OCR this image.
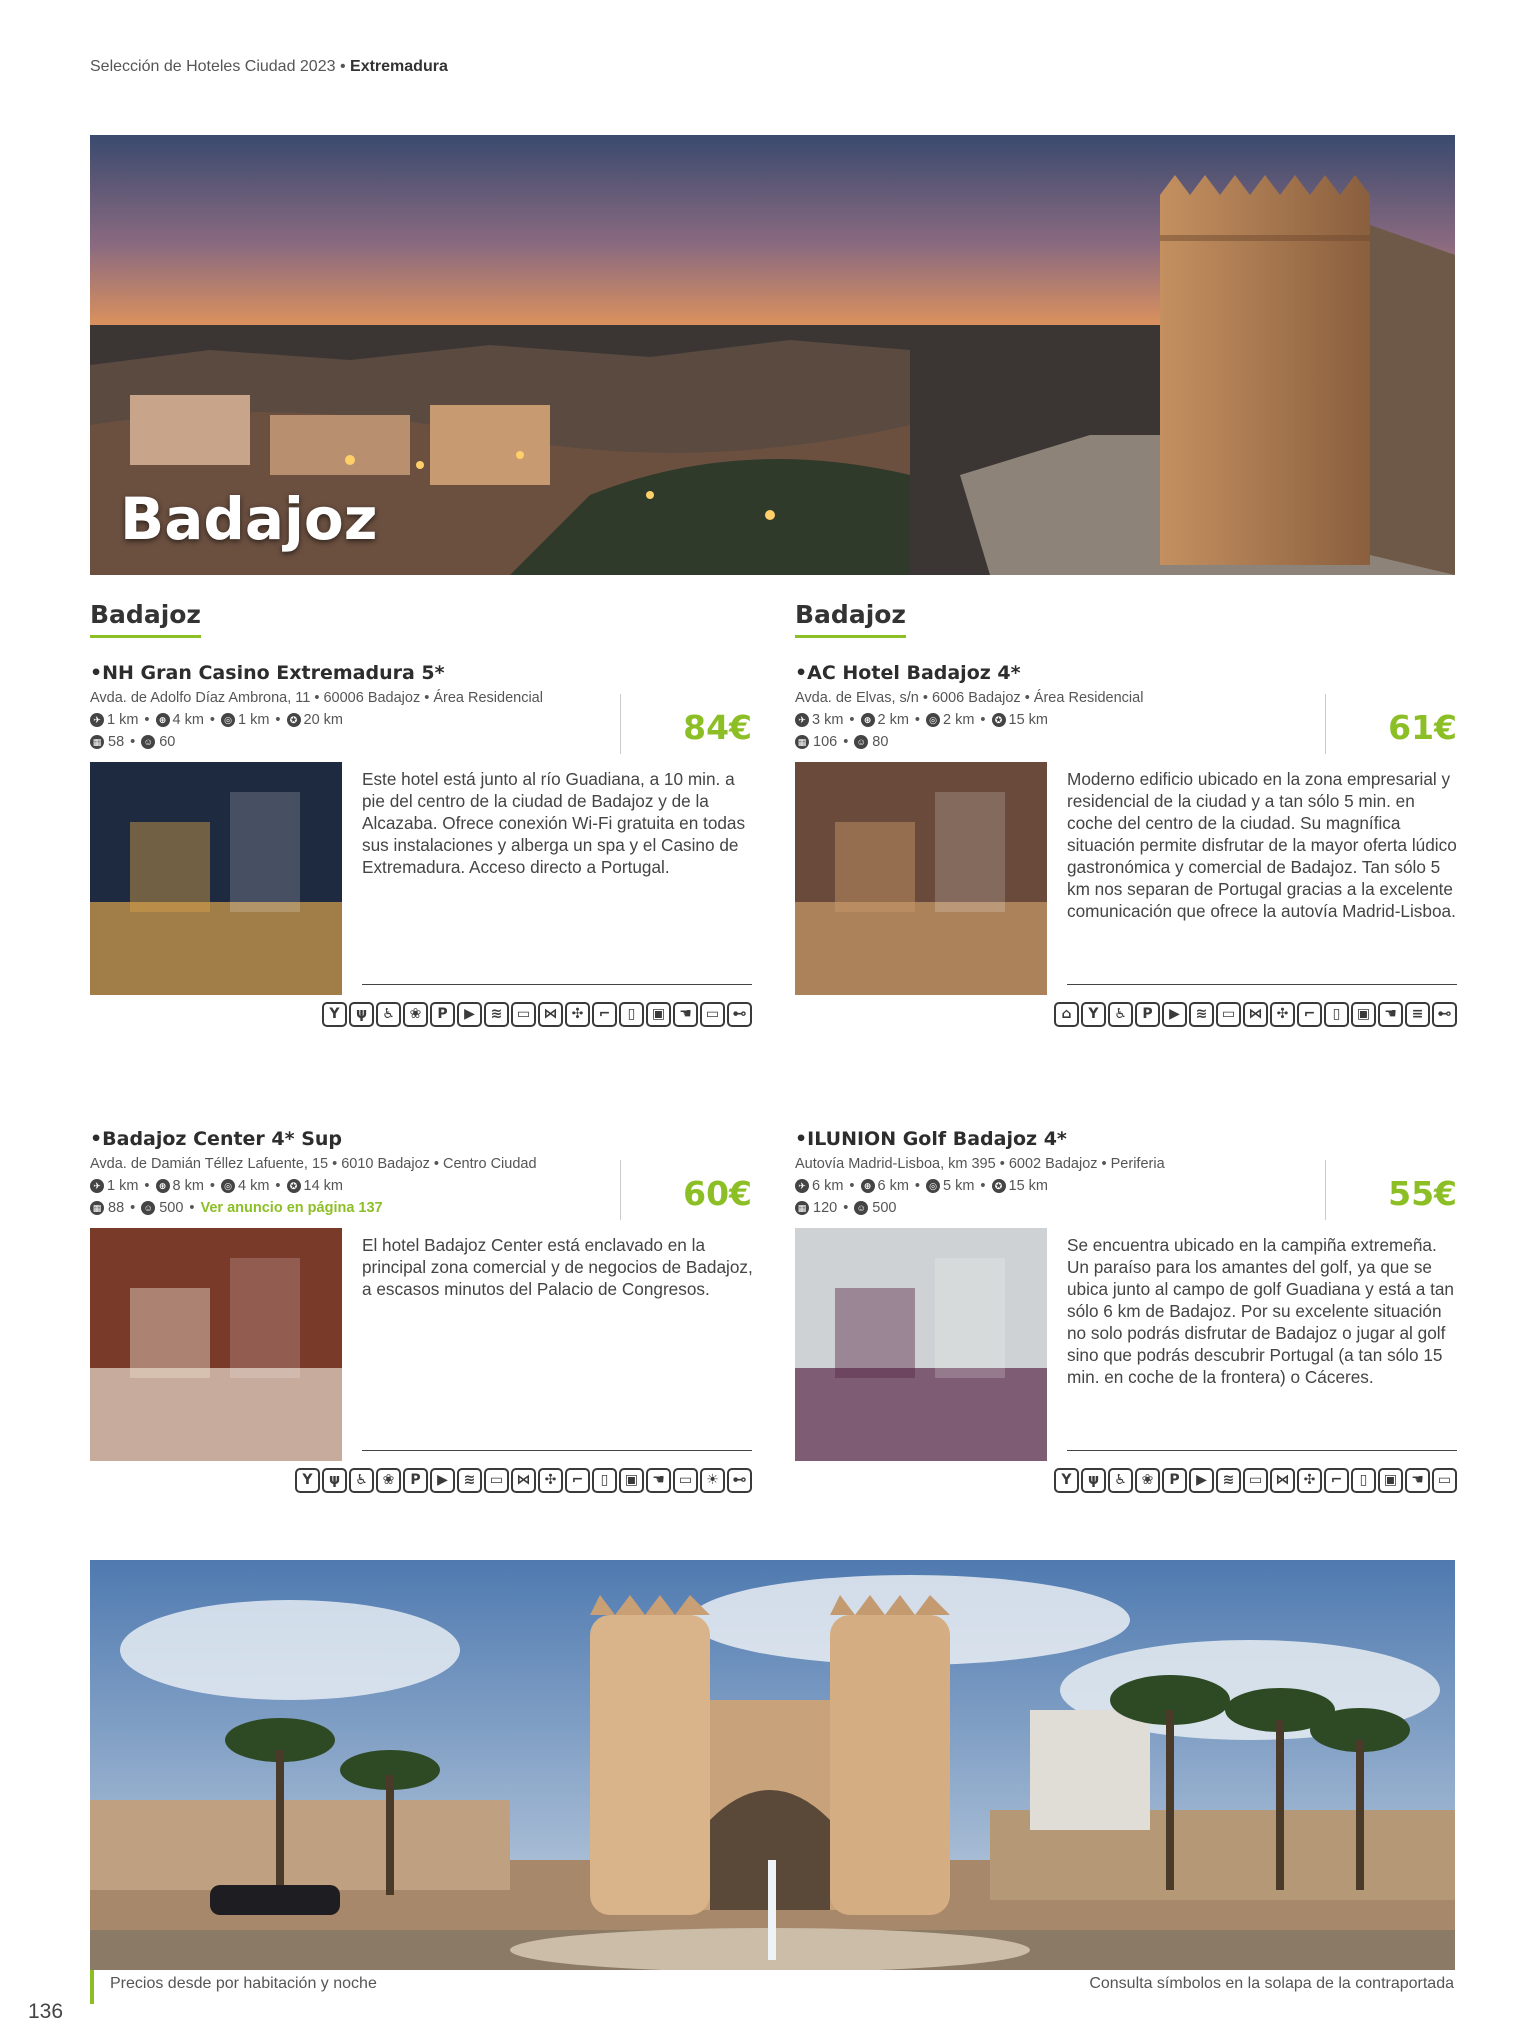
Selección de Hoteles Ciudad 2023 • Extremadura
Badajoz
Badajoz	Badajoz
•NH Gran Casino Extremadura 5*
Avda. de Adolfo Díaz Ambrona, 11 • 60006 Badajoz • Área Residencial
✈ 1 km •	⊕ 4 km •	◎ 1 km •	✪ 20 km
▦ 58 • ☺ 60	84€
Este hotel está junto al río Guadiana, a 10 min. a pie del centro de la ciudad de Badajoz y de la Alcazaba. Ofrece conexión Wi-Fi gratuita en todas sus instalaciones y alberga un spa y el Casino de Extremadura. Acceso directo a Portugal.
Y	ψ	♿	❀	P	▶	≋	▭ ⋈	✣	⌐	▯	▣	☚	▭ ⊷
•AC Hotel Badajoz 4*
Avda. de Elvas, s/n • 6006 Badajoz • Área Residencial
✈ 3 km •	⊕ 2 km •	◎ 2 km •	✪ 15 km
▦ 106 • ☺ 80	61€
Moderno edificio ubicado en la zona empresarial y residencial de la ciudad y a tan sólo 5 min. en coche del centro de la ciudad. Su magnífica situación permite disfrutar de la mayor oferta lúdico gastronómica y comercial de Badajoz. Tan sólo 5 km nos separan de Portugal gracias a la excelente comunicación que ofrece la autovía Madrid-Lisboa.
⌂	Y	♿	P	▶	≋	▭ ⋈	✣	⌐	▯	▣	☚	≡	⊷
•Badajoz Center 4* Sup
Avda. de Damián Téllez Lafuente, 15 • 6010 Badajoz • Centro Ciudad
✈ 1 km •	⊕ 8 km •	◎ 4 km •	✪ 14 km
▦ 88 • ☺ 500 • Ver anuncio en página 137	60€
El hotel Badajoz Center está enclavado en la principal zona comercial y de negocios de Badajoz, a escasos minutos del Palacio de Congresos.
Y	ψ	♿	❀	P	▶	≋	▭ ⋈	✣	⌐	▯	▣	☚	▭	☀ ⊷
•ILUNION Golf Badajoz 4*
Autovía Madrid-Lisboa, km 395 • 6002 Badajoz • Periferia
✈ 6 km •	⊕ 6 km •	◎ 5 km •	✪ 15 km
▦ 120 • ☺ 500	55€
Se encuentra ubicado en la campiña extremeña. Un paraíso para los amantes del golf, ya que se ubica junto al campo de golf Guadiana y está a tan sólo 6 km de Badajoz. Por su excelente situación no solo podrás disfrutar de Badajoz o jugar al golf sino que podrás descubrir Portugal (a tan sólo 15 min. en coche de la frontera) o Cáceres.
Y	ψ	♿	❀	P	▶	≋	▭ ⋈	✣	⌐	▯	▣	☚	▭
136
Precios desde por habitación y noche	Consulta símbolos en la solapa de la contraportada
